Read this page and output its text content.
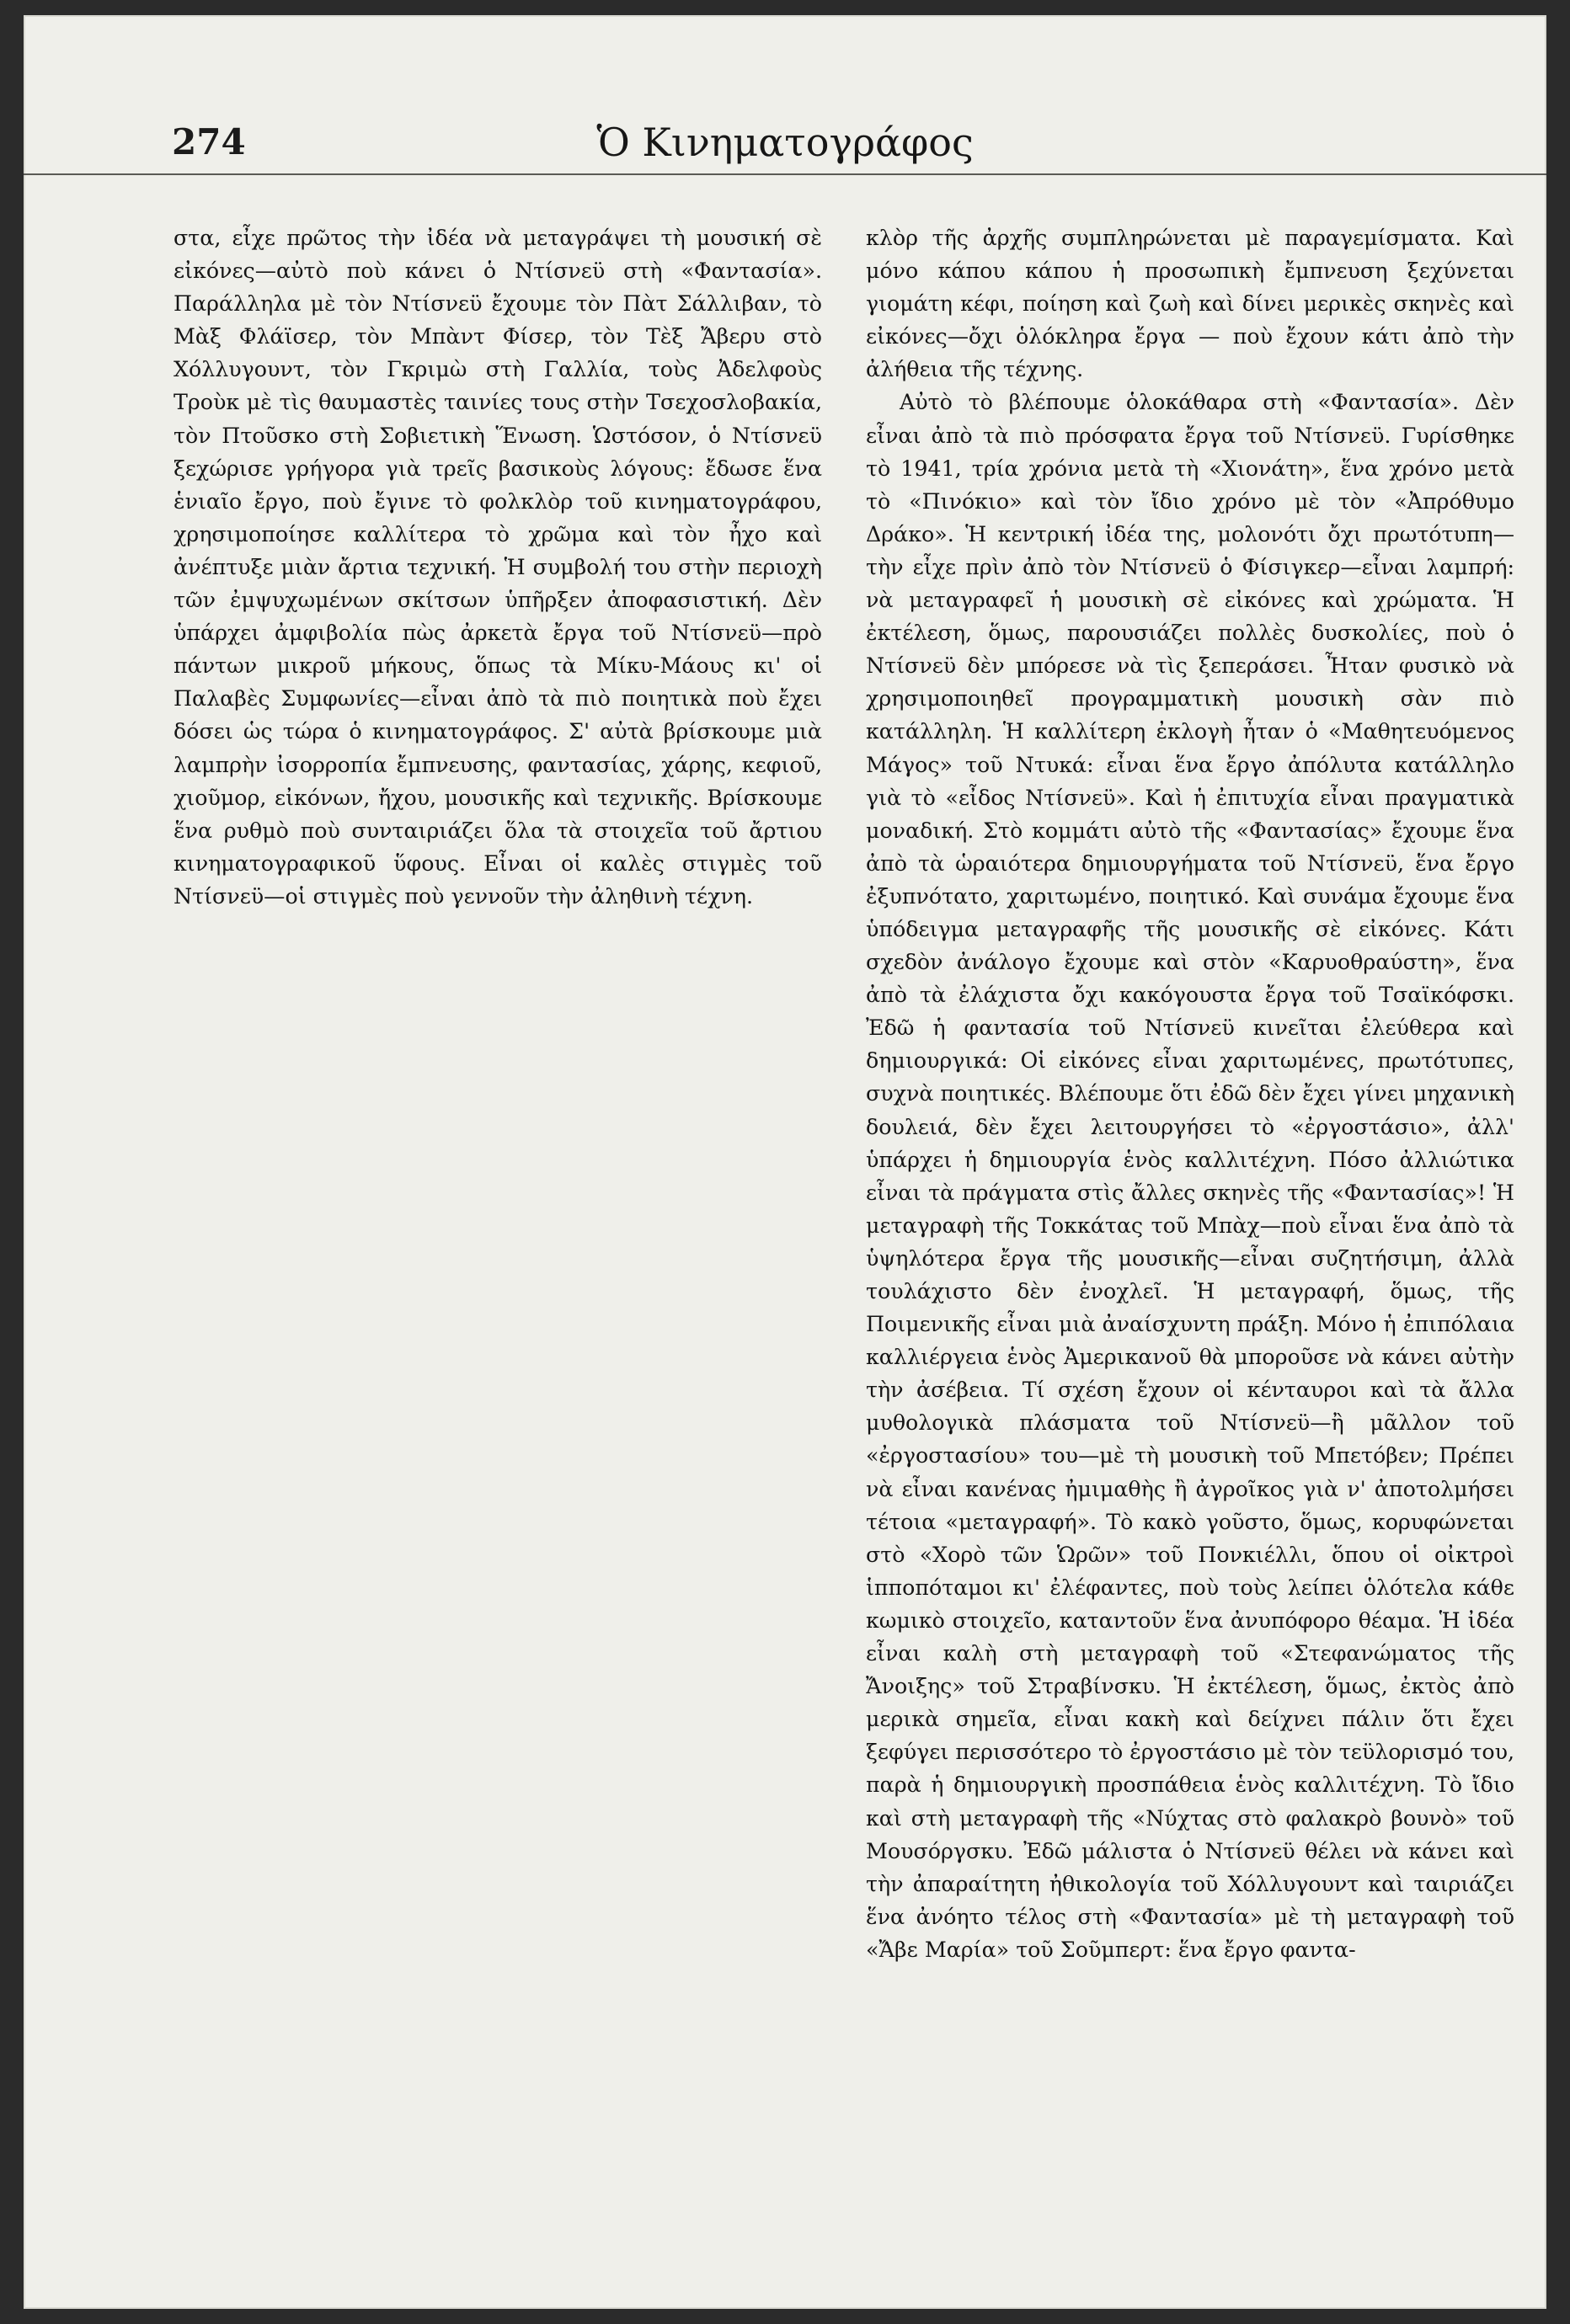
274	Ὁ Κινηματογράφος

στα, εἶχε πρῶτος τὴν ἰδέα νὰ μεταγράψει τὴ μουσική σὲ εἰκόνες—αὐτὸ ποὺ κάνει ὁ Ντίσνεϋ στὴ «Φαντασία». Παράλληλα μὲ τὸν Ντίσνεϋ ἔχουμε τὸν Πὰτ Σάλλιβαν, τὸ Μὰξ Φλάϊσερ, τὸν Μπὰντ Φίσερ, τὸν Τὲξ Ἄβερυ στὸ Χόλλυγουντ, τὸν Γκριμὼ στὴ Γαλλία, τοὺς Ἀδελφοὺς Τροὺκ μὲ τὶς θαυμαστὲς ταινίες τους στὴν Τσεχοσλοβακία, τὸν Πτοῦσκο στὴ Σοβιετικὴ Ἕνωση. Ὡστόσον, ὁ Ντίσνεϋ ξεχώρισε γρήγορα γιὰ τρεῖς βασικοὺς λόγους: ἔδωσε ἕνα ἑνιαῖο ἔργο, ποὺ ἔγινε τὸ φολκλὸρ τοῦ κινηματογράφου, χρησιμοποίησε καλλίτερα τὸ χρῶμα καὶ τὸν ἦχο καὶ ἀνέπτυξε μιὰν ἄρτια τεχνική. Ἡ συμβολή του στὴν περιοχὴ τῶν ἐμψυχωμένων σκίτσων ὑπῆρξεν ἀποφασιστική. Δὲν ὑπάρχει ἀμφιβολία πὼς ἀρκετὰ ἔργα τοῦ Ντίσνεϋ—πρὸ πάντων μικροῦ μήκους, ὅπως τὰ Μίκυ-Μάους κι' οἱ Παλαβὲς Συμφωνίες—εἶναι ἀπὸ τὰ πιὸ ποιητικὰ ποὺ ἔχει δόσει ὡς τώρα ὁ κινηματογράφος. Σ' αὐτὰ βρίσκουμε μιὰ λαμπρὴν ἰσορροπία ἔμπνευσης, φαντασίας, χάρης, κεφιοῦ, χιοῦμορ, εἰκόνων, ἤχου, μουσικῆς καὶ τεχνικῆς. Βρίσκουμε ἕνα ρυθμὸ ποὺ συνταιριάζει ὅλα τὰ στοιχεῖα τοῦ ἄρτιου κινηματογραφικοῦ ὕφους. Εἶναι οἱ καλὲς στιγμὲς τοῦ Ντίσνεϋ—οἱ στιγμὲς ποὺ γεννοῦν τὴν ἀληθινὴ τέχνη.

κλὸρ τῆς ἀρχῆς συμπληρώνεται μὲ παραγεμίσματα. Καὶ μόνο κάπου κάπου ἡ προσωπικὴ ἔμπνευση ξεχύνεται γιομάτη κέφι, ποίηση καὶ ζωὴ καὶ δίνει μερικὲς σκηνὲς καὶ εἰκόνες—ὄχι ὁλόκληρα ἔργα — ποὺ ἔχουν κάτι ἀπὸ τὴν ἀλήθεια τῆς τέχνης.

Αὐτὸ τὸ βλέπουμε ὁλοκάθαρα στὴ «Φαντασία». Δὲν εἶναι ἀπὸ τὰ πιὸ πρόσφατα ἔργα τοῦ Ντίσνεϋ. Γυρίσθηκε τὸ 1941, τρία χρόνια μετὰ τὴ «Χιονάτη», ἕνα χρόνο μετὰ τὸ «Πινόκιο» καὶ τὸν ἴδιο χρόνο μὲ τὸν «Ἀπρόθυμο Δράκο». Ἡ κεντρική ἰδέα της, μολονότι ὄχι πρωτότυπη—τὴν εἶχε πρὶν ἀπὸ τὸν Ντίσνεϋ ὁ Φίσιγκερ—εἶναι λαμπρή: νὰ μεταγραφεῖ ἡ μουσικὴ σὲ εἰκόνες καὶ χρώματα. Ἡ ἐκτέλεση, ὅμως, παρουσιάζει πολλὲς δυσκολίες, ποὺ ὁ Ντίσνεϋ δὲν μπόρεσε νὰ τὶς ξεπεράσει. Ἦταν φυσικὸ νὰ χρησιμοποιηθεῖ προγραμματικὴ μουσικὴ σὰν πιὸ κατάλληλη. Ἡ καλλίτερη ἐκλογὴ ἦταν ὁ «Μαθητευόμενος Μάγος» τοῦ Ντυκά: εἶναι ἕνα ἔργο ἀπόλυτα κατάλληλο γιὰ τὸ «εἶδος Ντίσνεϋ». Καὶ ἡ ἐπιτυχία εἶναι πραγματικὰ μοναδική. Στὸ κομμάτι αὐτὸ τῆς «Φαντασίας» ἔχουμε ἕνα ἀπὸ τὰ ὡραιότερα δημιουργήματα τοῦ Ντίσνεϋ, ἕνα ἔργο ἐξυπνότατο, χαριτωμένο, ποιητικό. Καὶ συνάμα ἔχουμε ἕνα ὑπόδειγμα μεταγραφῆς τῆς μουσικῆς σὲ εἰκόνες. Κάτι σχεδὸν ἀνάλογο ἔχουμε καὶ στὸν «Καρυοθραύστη», ἕνα ἀπὸ τὰ ἐλάχιστα ὄχι κακόγουστα ἔργα τοῦ Τσαϊκόφσκι. Ἐδῶ ἡ φαντασία τοῦ Ντίσνεϋ κινεῖται ἐλεύθερα καὶ δημιουργικά: Οἱ εἰκόνες εἶναι χαριτωμένες, πρωτότυπες, συχνὰ ποιητικές. Βλέπουμε ὅτι ἐδῶ δὲν ἔχει γίνει μηχανικὴ δουλειά, δὲν ἔχει λειτουργήσει τὸ «ἐργοστάσιο», ἀλλ' ὑπάρχει ἡ δημιουργία ἑνὸς καλλιτέχνη. Πόσο ἀλλιώτικα εἶναι τὰ πράγματα στὶς ἄλλες σκηνὲς τῆς «Φαντασίας»! Ἡ μεταγραφὴ τῆς Τοκκάτας τοῦ Μπὰχ—ποὺ εἶναι ἕνα ἀπὸ τὰ ὑψηλότερα ἔργα τῆς μουσικῆς—εἶναι συζητήσιμη, ἀλλὰ τουλάχιστο δὲν ἐνοχλεῖ. Ἡ μεταγραφή, ὅμως, τῆς Ποιμενικῆς εἶναι μιὰ ἀναίσχυντη πράξη. Μόνο ἡ ἐπιπόλαια καλλιέργεια ἑνὸς Ἀμερικανοῦ θὰ μποροῦσε νὰ κάνει αὐτὴν τὴν ἀσέβεια. Τί σχέση ἔχουν οἱ κένταυροι καὶ τὰ ἄλλα μυθολογικὰ πλάσματα τοῦ Ντίσνεϋ—ἢ μᾶλλον τοῦ «ἐργοστασίου» του—μὲ τὴ μουσικὴ τοῦ Μπετόβεν; Πρέπει νὰ εἶναι κανένας ἠμιμαθὴς ἢ ἀγροῖκος γιὰ ν' ἀποτολμήσει τέτοια «μεταγραφή». Τὸ κακὸ γοῦστο, ὅμως, κορυφώνεται στὸ «Χορὸ τῶν Ὡρῶν» τοῦ Πονκιέλλι, ὅπου οἱ οἰκτροὶ ἱπποπόταμοι κι' ἐλέφαντες, ποὺ τοὺς λείπει ὁλότελα κάθε κωμικὸ στοιχεῖο, καταντοῦν ἕνα ἀνυπόφορο θέαμα. Ἡ ἰδέα εἶναι καλὴ στὴ μεταγραφὴ τοῦ «Στεφανώματος τῆς Ἄνοιξης» τοῦ Στραβίνσκυ. Ἡ ἐκτέλεση, ὅμως, ἐκτὸς ἀπὸ μερικὰ σημεῖα, εἶναι κακὴ καὶ δείχνει πάλιν ὅτι ἔχει ξεφύγει περισσότερο τὸ ἐργοστάσιο μὲ τὸν τεϋλορισμό του, παρὰ ἡ δημιουργικὴ προσπάθεια ἑνὸς καλλιτέχνη. Τὸ ἴδιο καὶ στὴ μεταγραφὴ τῆς «Νύχτας στὸ φαλακρὸ βουνὸ» τοῦ Μουσόργσκυ. Ἐδῶ μάλιστα ὁ Ντίσνεϋ θέλει νὰ κάνει καὶ τὴν ἀπαραίτητη ἠθικολογία τοῦ Χόλλυγουντ καὶ ταιριάζει ἕνα ἀνόητο τέλος στὴ «Φαντασία» μὲ τὴ μεταγραφὴ τοῦ «Ἄβε Μαρία» τοῦ Σοῦμπερτ: ἕνα ἔργο φαντα-
